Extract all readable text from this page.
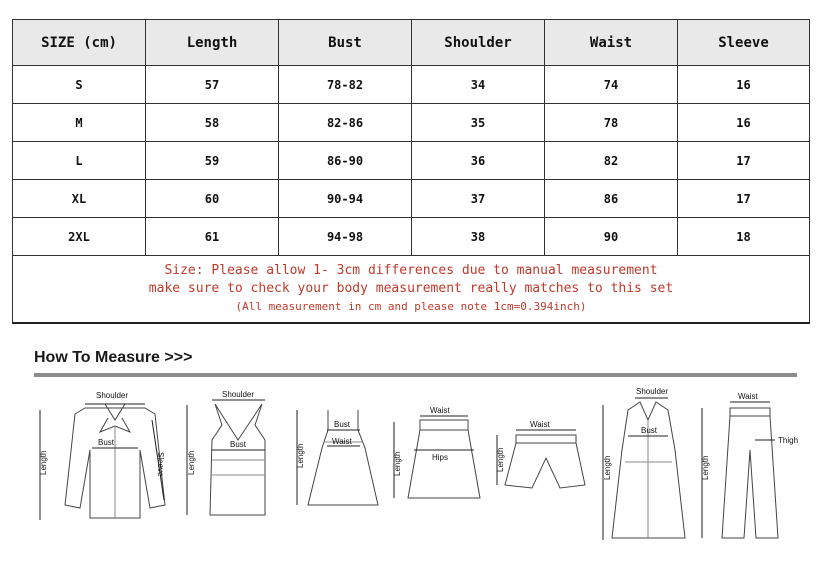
SIZE (cm)	Length	Bust	Shoulder	Waist	Sleeve
S	57	78-82	34	74	16
M	58	82-86	35	78	16
L	59	86-90	36	82	17
XL	60	90-94	37	86	17
2XL	61	94-98	38	90	18

Size: Please allow 1- 3cm differences due to manual measurement
make sure to check your body measurement really matches to this set
(All measurement in cm and please note 1cm=0.394inch)					
How To Measure >>>
Shoulder
Bust
Sleeve
Length
Shoulder
Bust
Length
Bust
Waist
Length
Waist
Hips
Length
Waist
Length
Shoulder
Bust
Length
Waist
Thigh
Length
